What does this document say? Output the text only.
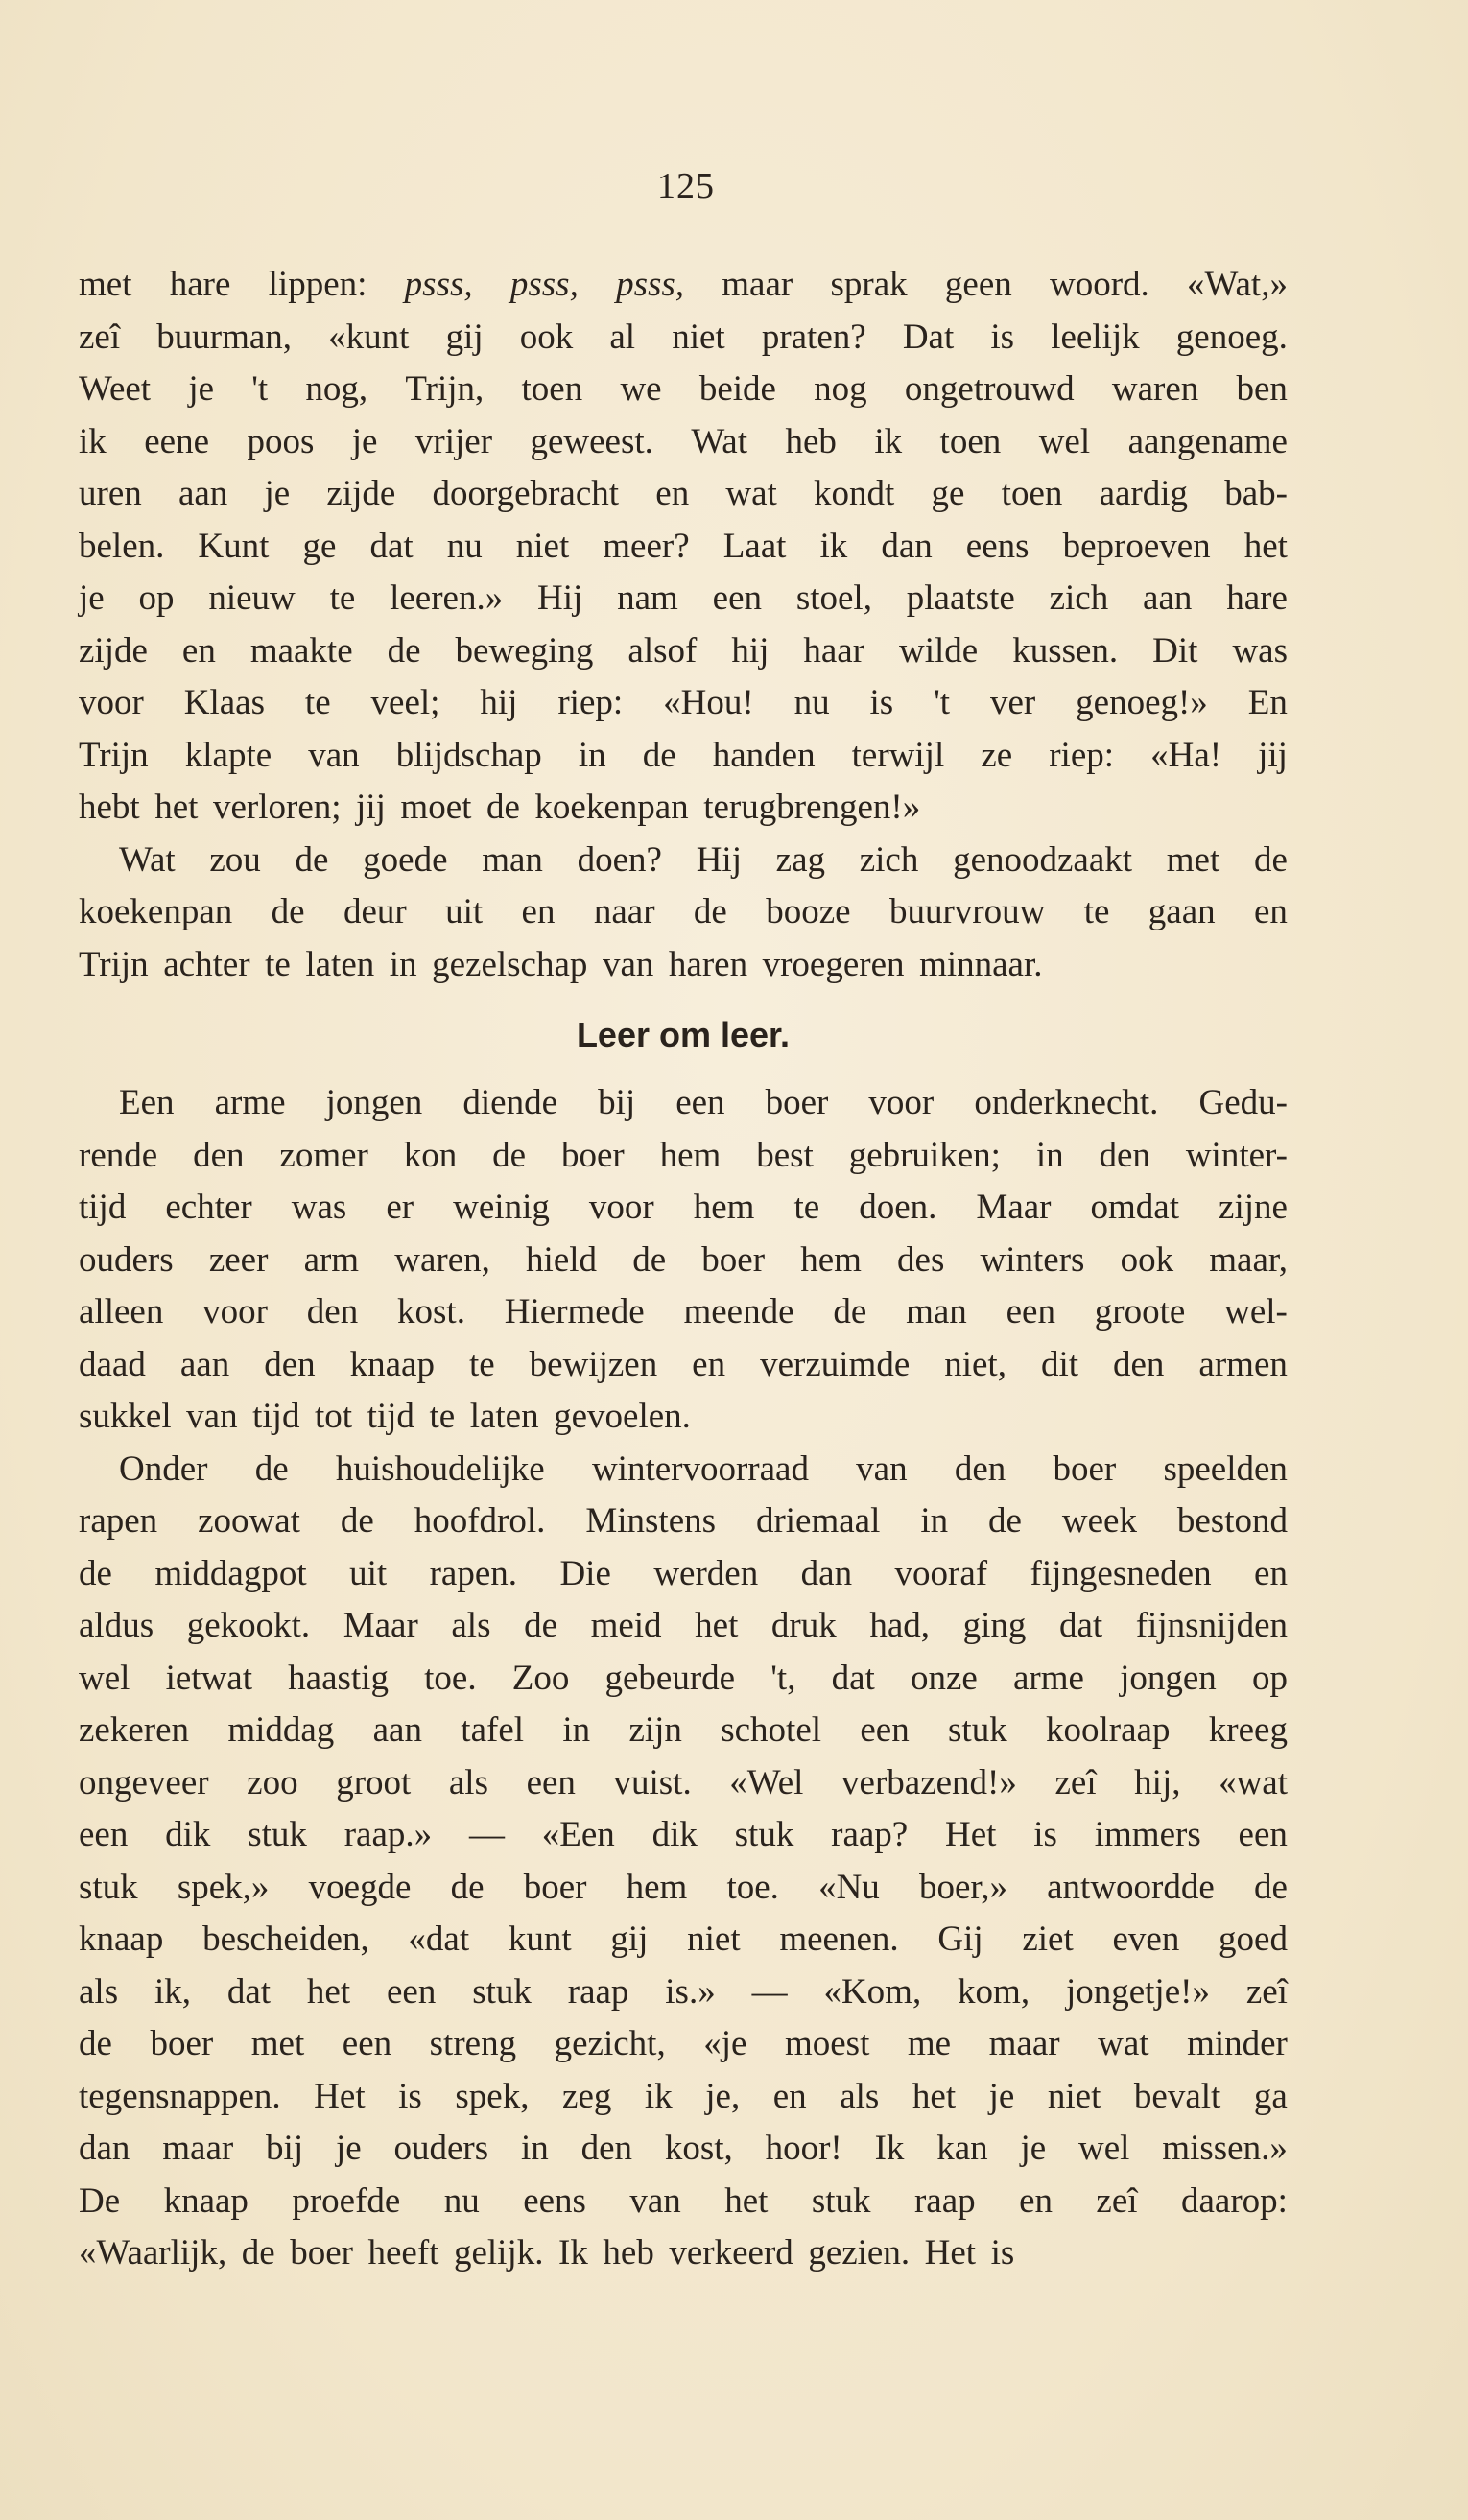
125
met hare lippen: psss, psss, psss, maar sprak geen woord. «Wat,»
zeî buurman, «kunt gij ook al niet praten? Dat is leelijk genoeg.
Weet je 't nog, Trijn, toen we beide nog ongetrouwd waren ben
ik eene poos je vrijer geweest. Wat heb ik toen wel aangename
uren aan je zijde doorgebracht en wat kondt ge toen aardig bab-
belen. Kunt ge dat nu niet meer? Laat ik dan eens beproeven het
je op nieuw te leeren.» Hij nam een stoel, plaatste zich aan hare
zijde en maakte de beweging alsof hij haar wilde kussen. Dit was
voor Klaas te veel; hij riep: «Hou! nu is 't ver genoeg!» En
Trijn klapte van blijdschap in de handen terwijl ze riep: «Ha! jij
hebt het verloren; jij moet de koekenpan terugbrengen!»
Wat zou de goede man doen? Hij zag zich genoodzaakt met de
koekenpan de deur uit en naar de booze buurvrouw te gaan en
Trijn achter te laten in gezelschap van haren vroegeren minnaar.
Leer om leer.
Een arme jongen diende bij een boer voor onderknecht. Gedu-
rende den zomer kon de boer hem best gebruiken; in den winter-
tijd echter was er weinig voor hem te doen. Maar omdat zijne
ouders zeer arm waren, hield de boer hem des winters ook maar,
alleen voor den kost. Hiermede meende de man een groote wel-
daad aan den knaap te bewijzen en verzuimde niet, dit den armen
sukkel van tijd tot tijd te laten gevoelen.
Onder de huishoudelijke wintervoorraad van den boer speelden
rapen zoowat de hoofdrol. Minstens driemaal in de week bestond
de middagpot uit rapen. Die werden dan vooraf fijngesneden en
aldus gekookt. Maar als de meid het druk had, ging dat fijnsnijden
wel ietwat haastig toe. Zoo gebeurde 't, dat onze arme jongen op
zekeren middag aan tafel in zijn schotel een stuk koolraap kreeg
ongeveer zoo groot als een vuist. «Wel verbazend!» zeî hij, «wat
een dik stuk raap.» — «Een dik stuk raap? Het is immers een
stuk spek,» voegde de boer hem toe. «Nu boer,» antwoordde de
knaap bescheiden, «dat kunt gij niet meenen. Gij ziet even goed
als ik, dat het een stuk raap is.» — «Kom, kom, jongetje!» zeî
de boer met een streng gezicht, «je moest me maar wat minder
tegensnappen. Het is spek, zeg ik je, en als het je niet bevalt ga
dan maar bij je ouders in den kost, hoor! Ik kan je wel missen.»
De knaap proefde nu eens van het stuk raap en zeî daarop:
«Waarlijk, de boer heeft gelijk. Ik heb verkeerd gezien. Het is
